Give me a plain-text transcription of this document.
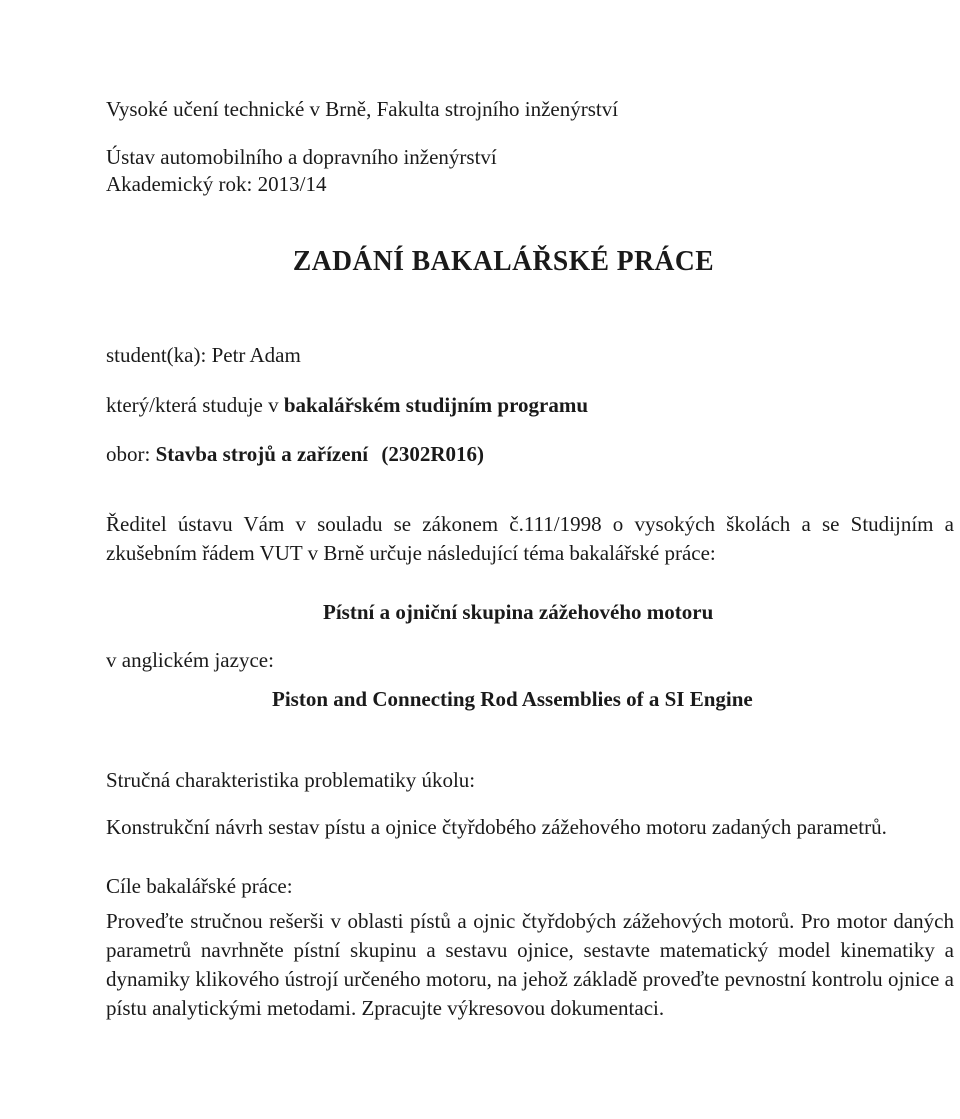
Vysoké učení technické v Brně, Fakulta strojního inženýrství
Ústav automobilního a dopravního inženýrství
Akademický rok: 2013/14
ZADÁNÍ BAKALÁŘSKÉ PRÁCE
student(ka): Petr Adam
který/která studuje v bakalářském studijním programu
obor: Stavba strojů a zařízení (2302R016)
Ředitel ústavu Vám v souladu se zákonem č.111/1998 o vysokých školách a se Studijním a zkušebním řádem VUT v Brně určuje následující téma bakalářské práce:
Pístní a ojniční skupina zážehového motoru
v anglickém jazyce:
Piston and Connecting Rod Assemblies of a SI Engine
Stručná charakteristika problematiky úkolu:
Konstrukční návrh sestav pístu a ojnice čtyřdobého zážehového motoru zadaných parametrů.
Cíle bakalářské práce:
Proveďte stručnou rešerši v oblasti pístů a ojnic čtyřdobých zážehových motorů. Pro motor daných parametrů navrhněte pístní skupinu a sestavu ojnice, sestavte matematický model kinematiky a dynamiky klikového ústrojí určeného motoru, na jehož základě proveďte pevnostní kontrolu ojnice a pístu analytickými metodami. Zpracujte výkresovou dokumentaci.
